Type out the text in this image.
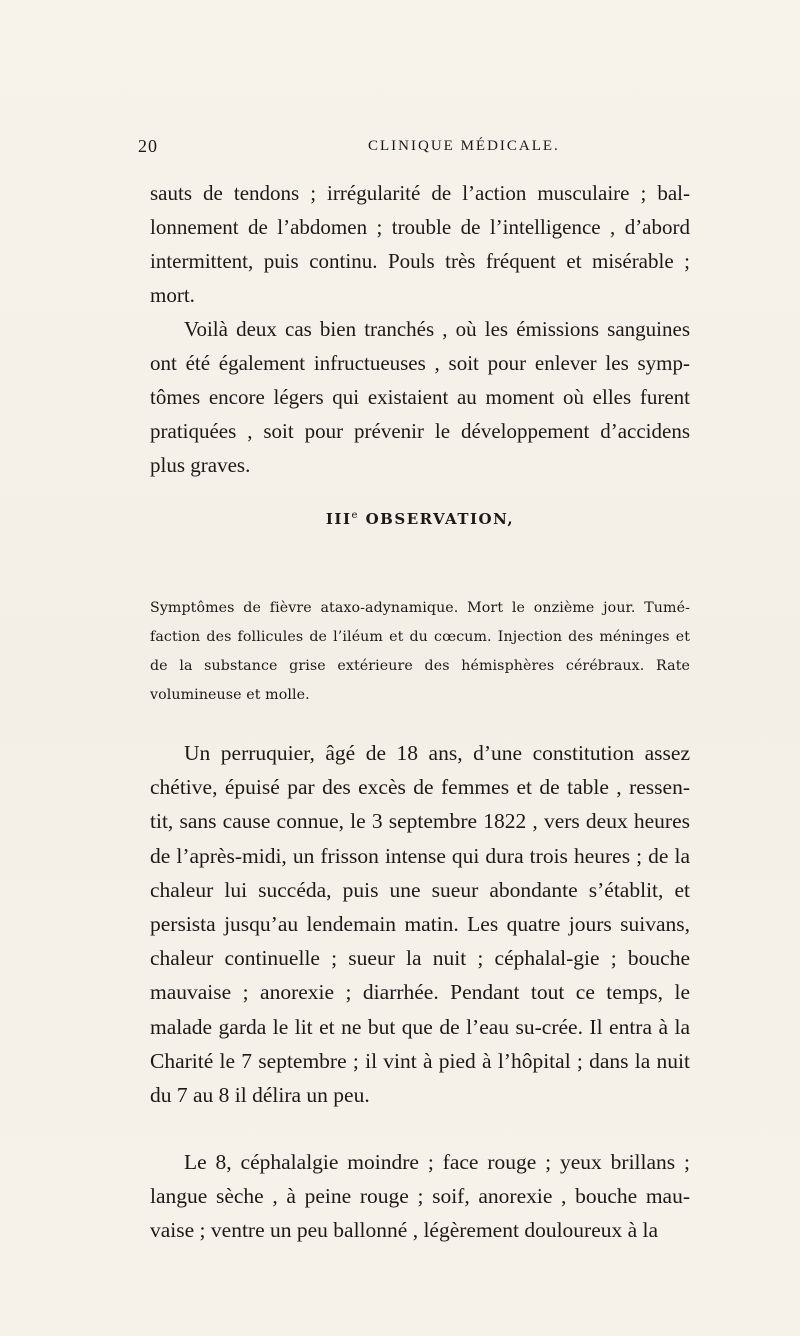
20	CLINIQUE MÉDICALE.
sauts de tendons ; irrégularité de l’action musculaire ; bal-lonnement de l’abdomen ; trouble de l’intelligence , d’abord intermittent, puis continu. Pouls très fréquent et misérable ; mort.
Voilà deux cas bien tranchés , où les émissions sanguines ont été également infructueuses , soit pour enlever les symp-tômes encore légers qui existaient au moment où elles furent pratiquées , soit pour prévenir le développement d’accidens plus graves.
IIIe OBSERVATION,
Symptômes de fièvre ataxo-adynamique. Mort le onzième jour. Tumé-faction des follicules de l’iléum et du cœcum. Injection des méninges et de la substance grise extérieure des hémisphères cérébraux. Rate volumineuse et molle.
Un perruquier, âgé de 18 ans, d’une constitution assez chétive, épuisé par des excès de femmes et de table , ressen-tit, sans cause connue, le 3 septembre 1822 , vers deux heures de l’après-midi, un frisson intense qui dura trois heures ; de la chaleur lui succéda, puis une sueur abondante s’établit, et persista jusqu’au lendemain matin. Les quatre jours suivans, chaleur continuelle ; sueur la nuit ; céphalal-gie ; bouche mauvaise ; anorexie ; diarrhée. Pendant tout ce temps, le malade garda le lit et ne but que de l’eau su-crée. Il entra à la Charité le 7 septembre ; il vint à pied à l’hôpital ; dans la nuit du 7 au 8 il délira un peu.
Le 8, céphalalgie moindre ; face rouge ; yeux brillans ; langue sèche , à peine rouge ; soif, anorexie , bouche mau-vaise ; ventre un peu ballonné , légèrement douloureux à la
